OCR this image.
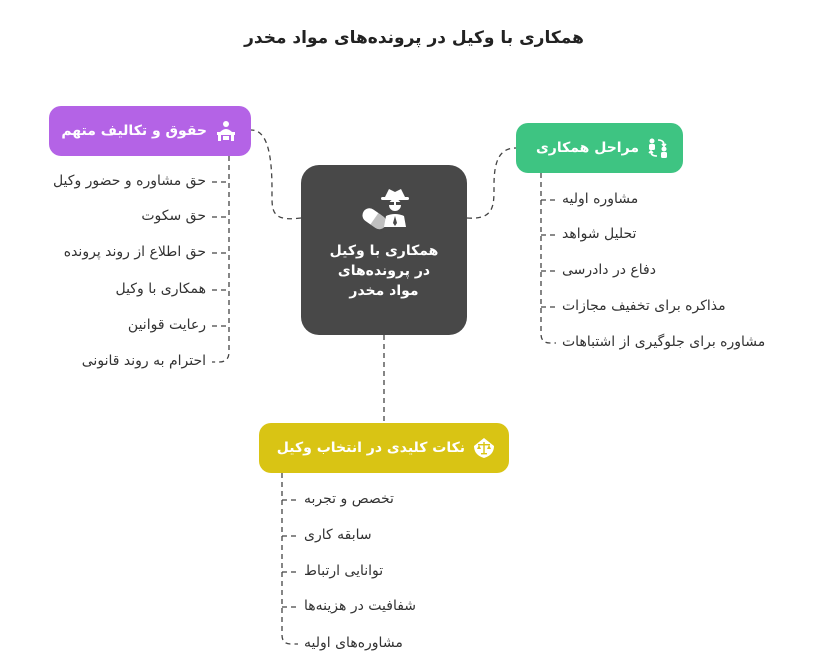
همکاری با وکیل در پرونده‌های مواد مخدر
همکاری با وکیل
در پرونده‌های
مواد مخدر
حقوق و تکالیف متهم
مراحل همکاری
نکات کلیدی در انتخاب وکیل
حق مشاوره و حضور وکیل
حق سکوت
حق اطلاع از روند پرونده
همکاری با وکیل
رعایت قوانین
احترام به روند قانونی
مشاوره اولیه
تحلیل شواهد
دفاع در دادرسی
مذاکره برای تخفیف مجازات
مشاوره برای جلوگیری از اشتباهات
تخصص و تجربه
سابقه کاری
توانایی ارتباط
شفافیت در هزینه‌ها
مشاوره‌های اولیه
